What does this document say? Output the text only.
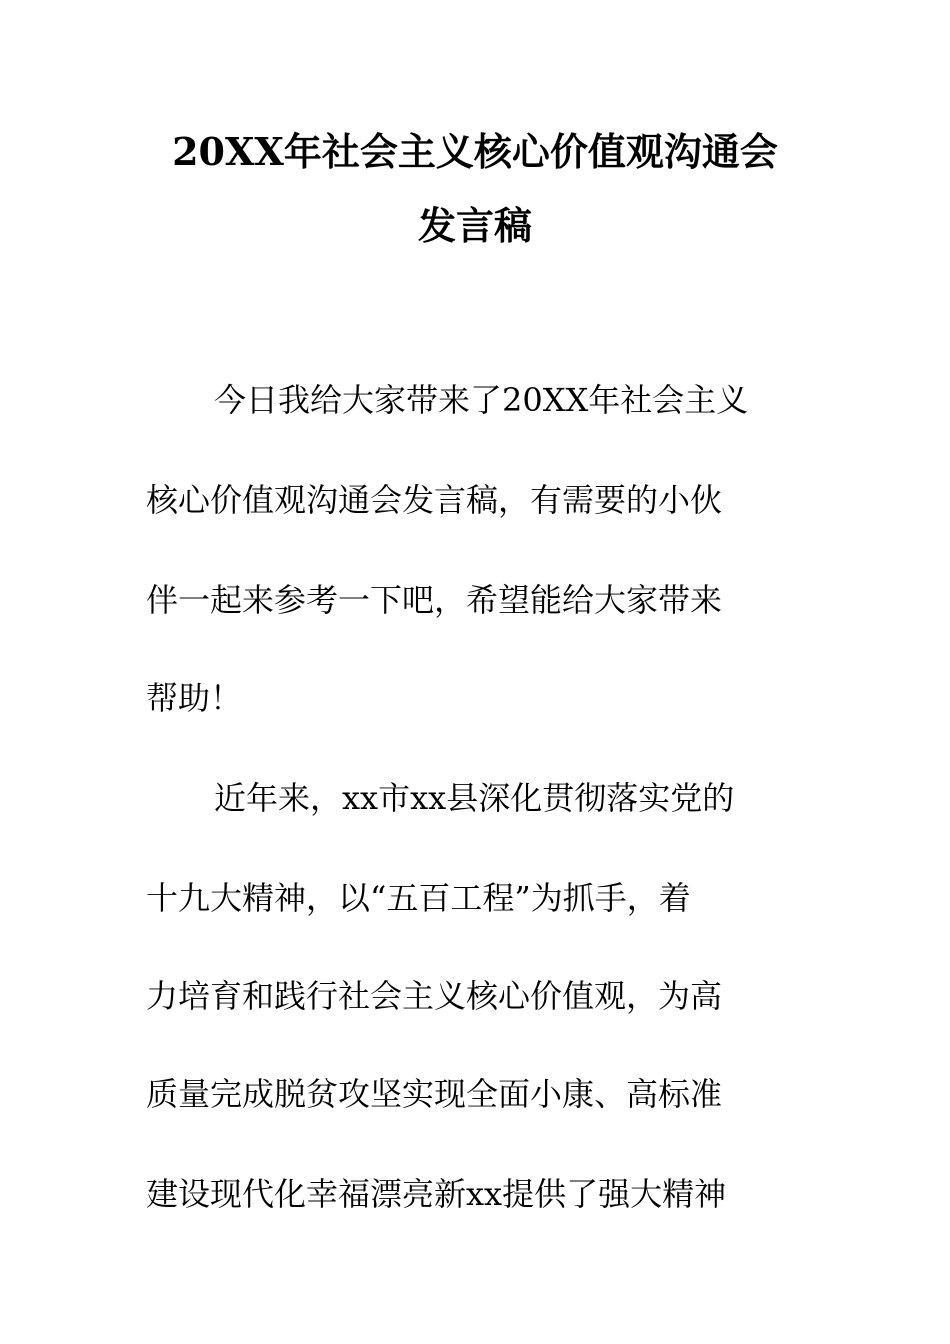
20XX年社会主义核心价值观沟通会
发言稿
今日我给大家带来了20XX年社会主义
核心价值观沟通会发言稿，有需要的小伙
伴一起来参考一下吧，希望能给大家带来
帮助！
近年来，xx市xx县深化贯彻落实党的
十九大精神，以“五百工程”为抓手，着
力培育和践行社会主义核心价值观，为高
质量完成脱贫攻坚实现全面小康、高标准
建设现代化幸福漂亮新xx提供了强大精神
